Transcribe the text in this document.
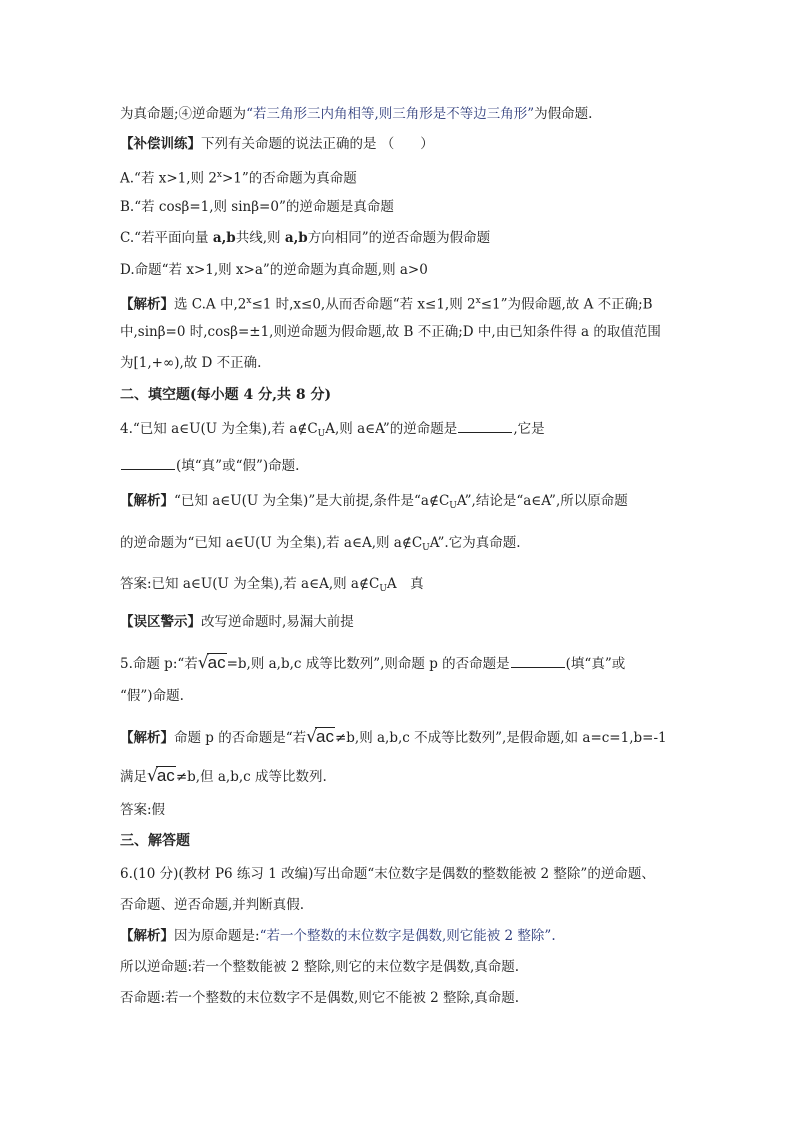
为真命题;④逆命题为“若三角形三内角相等,则三角形是不等边三角形”为假命题.
【补偿训练】下列有关命题的说法正确的是 （ ）
A.“若 x>1,则 $2^x>1$”的否命题为真命题
B.“若 cosβ=1,则 sinβ=0”的逆命题是真命题
C.“若平面向量 a,b共线,则 a,b方向相同”的逆否命题为假命题
D.命题“若 x>1,则 x>a”的逆命题为真命题,则 a>0
【解析】选 C.A 中$,2^x\le 1$ 时,x≤0,从而否命题“若 x≤1,则 $2^x\le 1$”为假命题,故 A 不正确;B
中,sinβ=0 时,cosβ=±1,则逆命题为假命题,故 B 不正确;D 中,由已知条件得 a 的取值范围
为[1,+∞),故 D 不正确.
二、填空题(每小题 4 分,共 8 分)
4.“已知 a∈U(U 为全集),若 $a\notin C_UA$,则 a∈A”的逆命题是	,它是
(填“真”或“假”)命题.
【解析】“已知 a∈U(U 为全集)”是大前提,条件是“$a\notin C_UA$”,结论是“a∈A”,所以原命题
的逆命题为“已知 a∈U(U 为全集),若 a∈A,则 $a\notin C_UA$”.它为真命题.
答案:已知 a∈U(U 为全集),若 a∈A,则 $a\notin C_UA$　真
【误区警示】改写逆命题时,易漏大前提
5.命题 p:“若√ac=b,则 a,b,c 成等比数列”,则命题 p 的否命题是	(填“真”或
“假”)命题.
【解析】命题 p 的否命题是“若√ac≠b,则 a,b,c 不成等比数列”,是假命题,如 a=c=1,b=-1
满足√ac≠b,但 a,b,c 成等比数列.
答案:假
三、解答题
6.(10 分)(教材 P6 练习 1 改编)写出命题“末位数字是偶数的整数能被 2 整除”的逆命题、
否命题、逆否命题,并判断真假.
【解析】因为原命题是:“若一个整数的末位数字是偶数,则它能被 2 整除”.
所以逆命题:若一个整数能被 2 整除,则它的末位数字是偶数,真命题.
否命题:若一个整数的末位数字不是偶数,则它不能被 2 整除,真命题.
